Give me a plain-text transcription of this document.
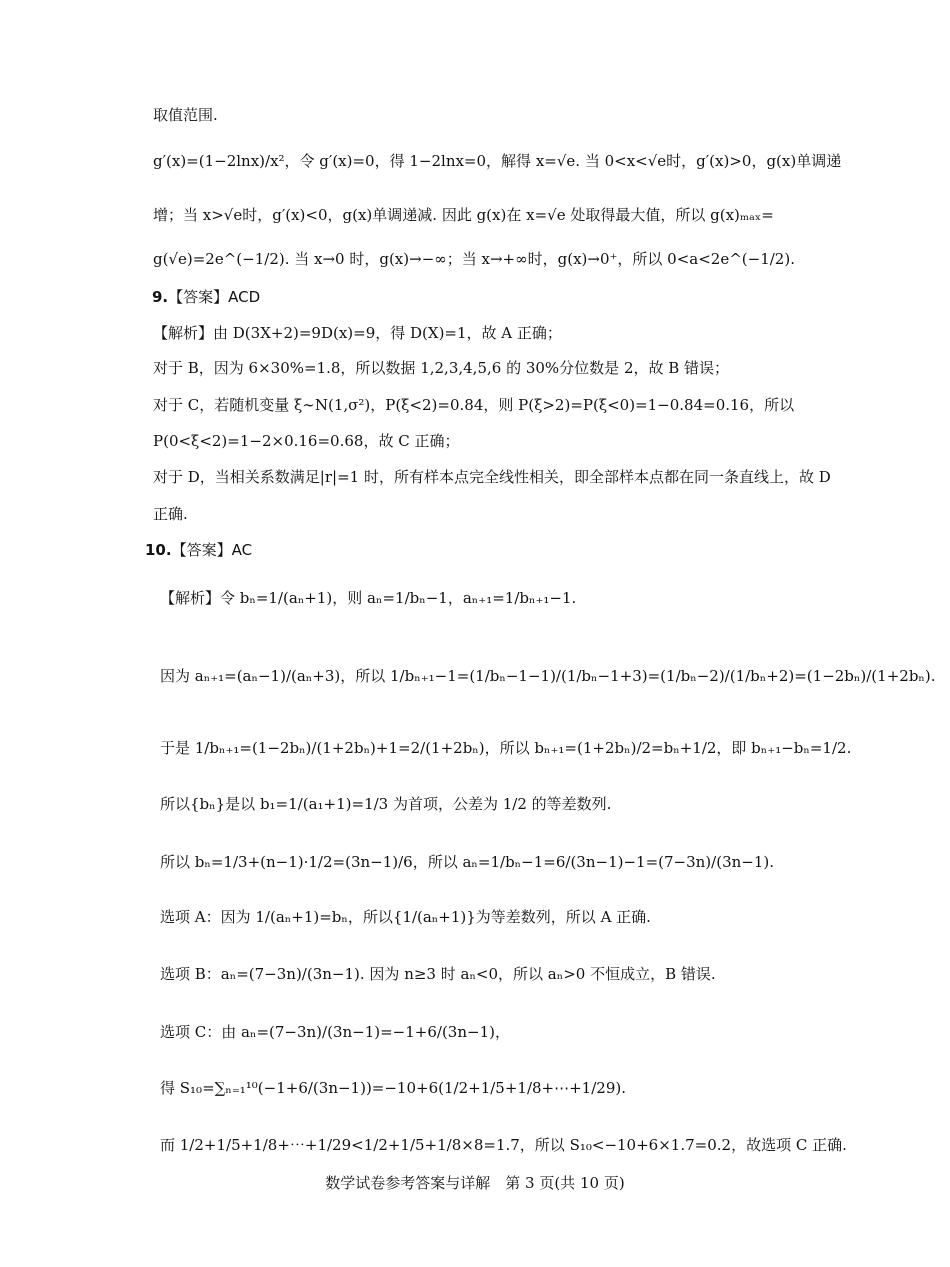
取值范围.
g′(x)=(1−2lnx)/x²，令 g′(x)=0，得 1−2lnx=0，解得 x=√e. 当 0<x<√e时，g′(x)>0，g(x)单调递
增；当 x>√e时，g′(x)<0，g(x)单调递减. 因此 g(x)在 x=√e 处取得最大值，所以 g(x)ₘₐₓ=
g(√e)=2e^(−1/2). 当 x→0 时，g(x)→−∞；当 x→+∞时，g(x)→0⁺，所以 0<a<2e^(−1/2).
9.【答案】ACD
【解析】由 D(3X+2)=9D(x)=9，得 D(X)=1，故 A 正确；
对于 B，因为 6×30%=1.8，所以数据 1,2,3,4,5,6 的 30%分位数是 2，故 B 错误；
对于 C，若随机变量 ξ∼N(1,σ²)，P(ξ<2)=0.84，则 P(ξ>2)=P(ξ<0)=1−0.84=0.16，所以
P(0<ξ<2)=1−2×0.16=0.68，故 C 正确；
对于 D，当相关系数满足|r|=1 时，所有样本点完全线性相关，即全部样本点都在同一条直线上，故 D
正确.
10.【答案】AC
【解析】令 bₙ=1/(aₙ+1)，则 aₙ=1/bₙ−1，aₙ₊₁=1/bₙ₊₁−1.
因为 aₙ₊₁=(aₙ−1)/(aₙ+3)，所以 1/bₙ₊₁−1=(1/bₙ−1−1)/(1/bₙ−1+3)=(1/bₙ−2)/(1/bₙ+2)=(1−2bₙ)/(1+2bₙ).
于是 1/bₙ₊₁=(1−2bₙ)/(1+2bₙ)+1=2/(1+2bₙ)，所以 bₙ₊₁=(1+2bₙ)/2=bₙ+1/2，即 bₙ₊₁−bₙ=1/2.
所以{bₙ}是以 b₁=1/(a₁+1)=1/3 为首项，公差为 1/2 的等差数列.
所以 bₙ=1/3+(n−1)·1/2=(3n−1)/6，所以 aₙ=1/bₙ−1=6/(3n−1)−1=(7−3n)/(3n−1).
选项 A：因为 1/(aₙ+1)=bₙ，所以{1/(aₙ+1)}为等差数列，所以 A 正确.
选项 B：aₙ=(7−3n)/(3n−1). 因为 n≥3 时 aₙ<0，所以 aₙ>0 不恒成立，B 错误.
选项 C：由 aₙ=(7−3n)/(3n−1)=−1+6/(3n−1)，
得 S₁₀=∑ₙ₌₁¹⁰(−1+6/(3n−1))=−10+6(1/2+1/5+1/8+⋯+1/29).
而 1/2+1/5+1/8+⋯+1/29<1/2+1/5+1/8×8=1.7，所以 S₁₀<−10+6×1.7=0.2，故选项 C 正确.
数学试卷参考答案与详解　第 3 页(共 10 页)
